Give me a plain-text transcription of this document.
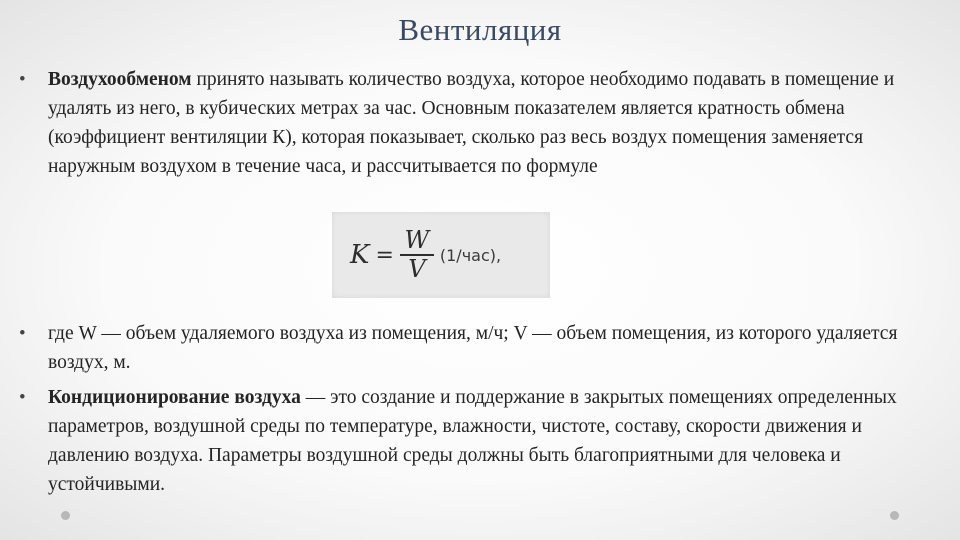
Вентиляция
• Воздухообменом принято называть количество воздуха, которое необходимо подавать в помещение и удалять из него, в кубических метрах за час. Основным показателем является кратность обмена (коэффициент вентиляции К), которая показывает, сколько раз весь воздух помещения заменяется наружным воздухом в течение часа, и рассчитывается по формуле
$K = \frac{W}{V} (1/час)$,
• где W — объем удаляемого воздуха из помещения, м/ч; V — объем помещения, из которого удаляется воздух, м.
• Кондиционирование воздуха — это создание и поддержание в закрытых помещениях определенных параметров, воздушной среды по температуре, влажности, чистоте, составу, скорости движения и давлению воздуха. Параметры воздушной среды должны быть благоприятными для человека и устойчивыми.
